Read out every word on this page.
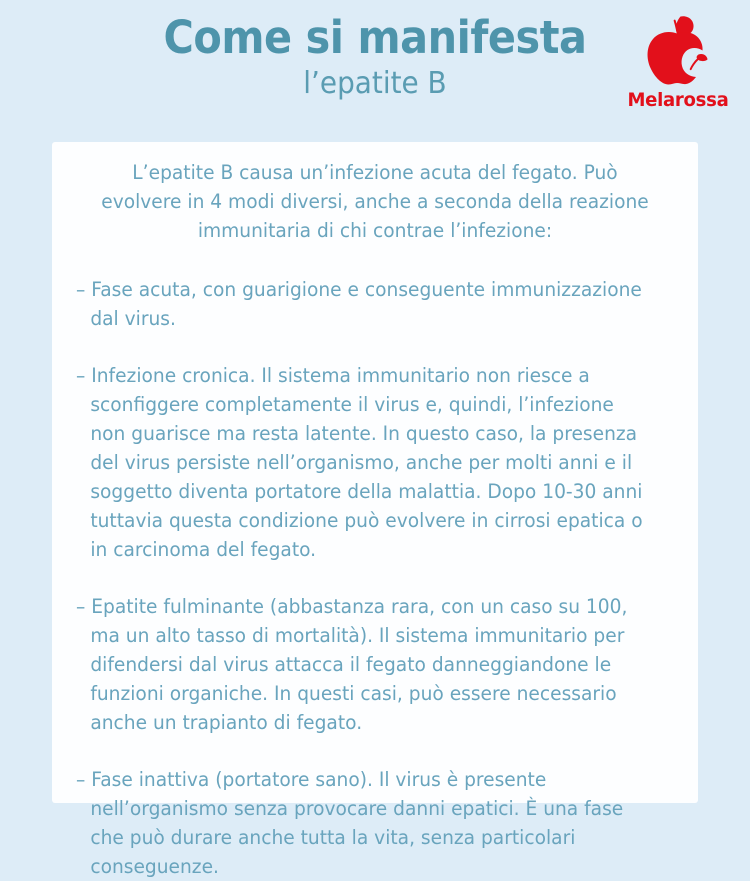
Come si manifesta
l’epatite B	Melarossa

L’epatite B causa un’infezione acuta del fegato. Può evolvere in 4 modi diversi, anche a seconda della reazione immunitaria di chi contrae l’infezione:

– Fase acuta, con guarigione e conseguente immunizzazione dal virus.

– Infezione cronica. Il sistema immunitario non riesce a sconfiggere completamente il virus e, quindi, l’infezione non guarisce ma resta latente. In questo caso, la presenza del virus persiste nell’organismo, anche per molti anni e il soggetto diventa portatore della malattia. Dopo 10-30 anni tuttavia questa condizione può evolvere in cirrosi epatica o in carcinoma del fegato.

– Epatite fulminante (abbastanza rara, con un caso su 100, ma un alto tasso di mortalità). Il sistema immunitario per difendersi dal virus attacca il fegato danneggiandone le funzioni organiche. In questi casi, può essere necessario anche un trapianto di fegato.

– Fase inattiva (portatore sano). Il virus è presente nell’organismo senza provocare danni epatici. È una fase che può durare anche tutta la vita, senza particolari conseguenze.
